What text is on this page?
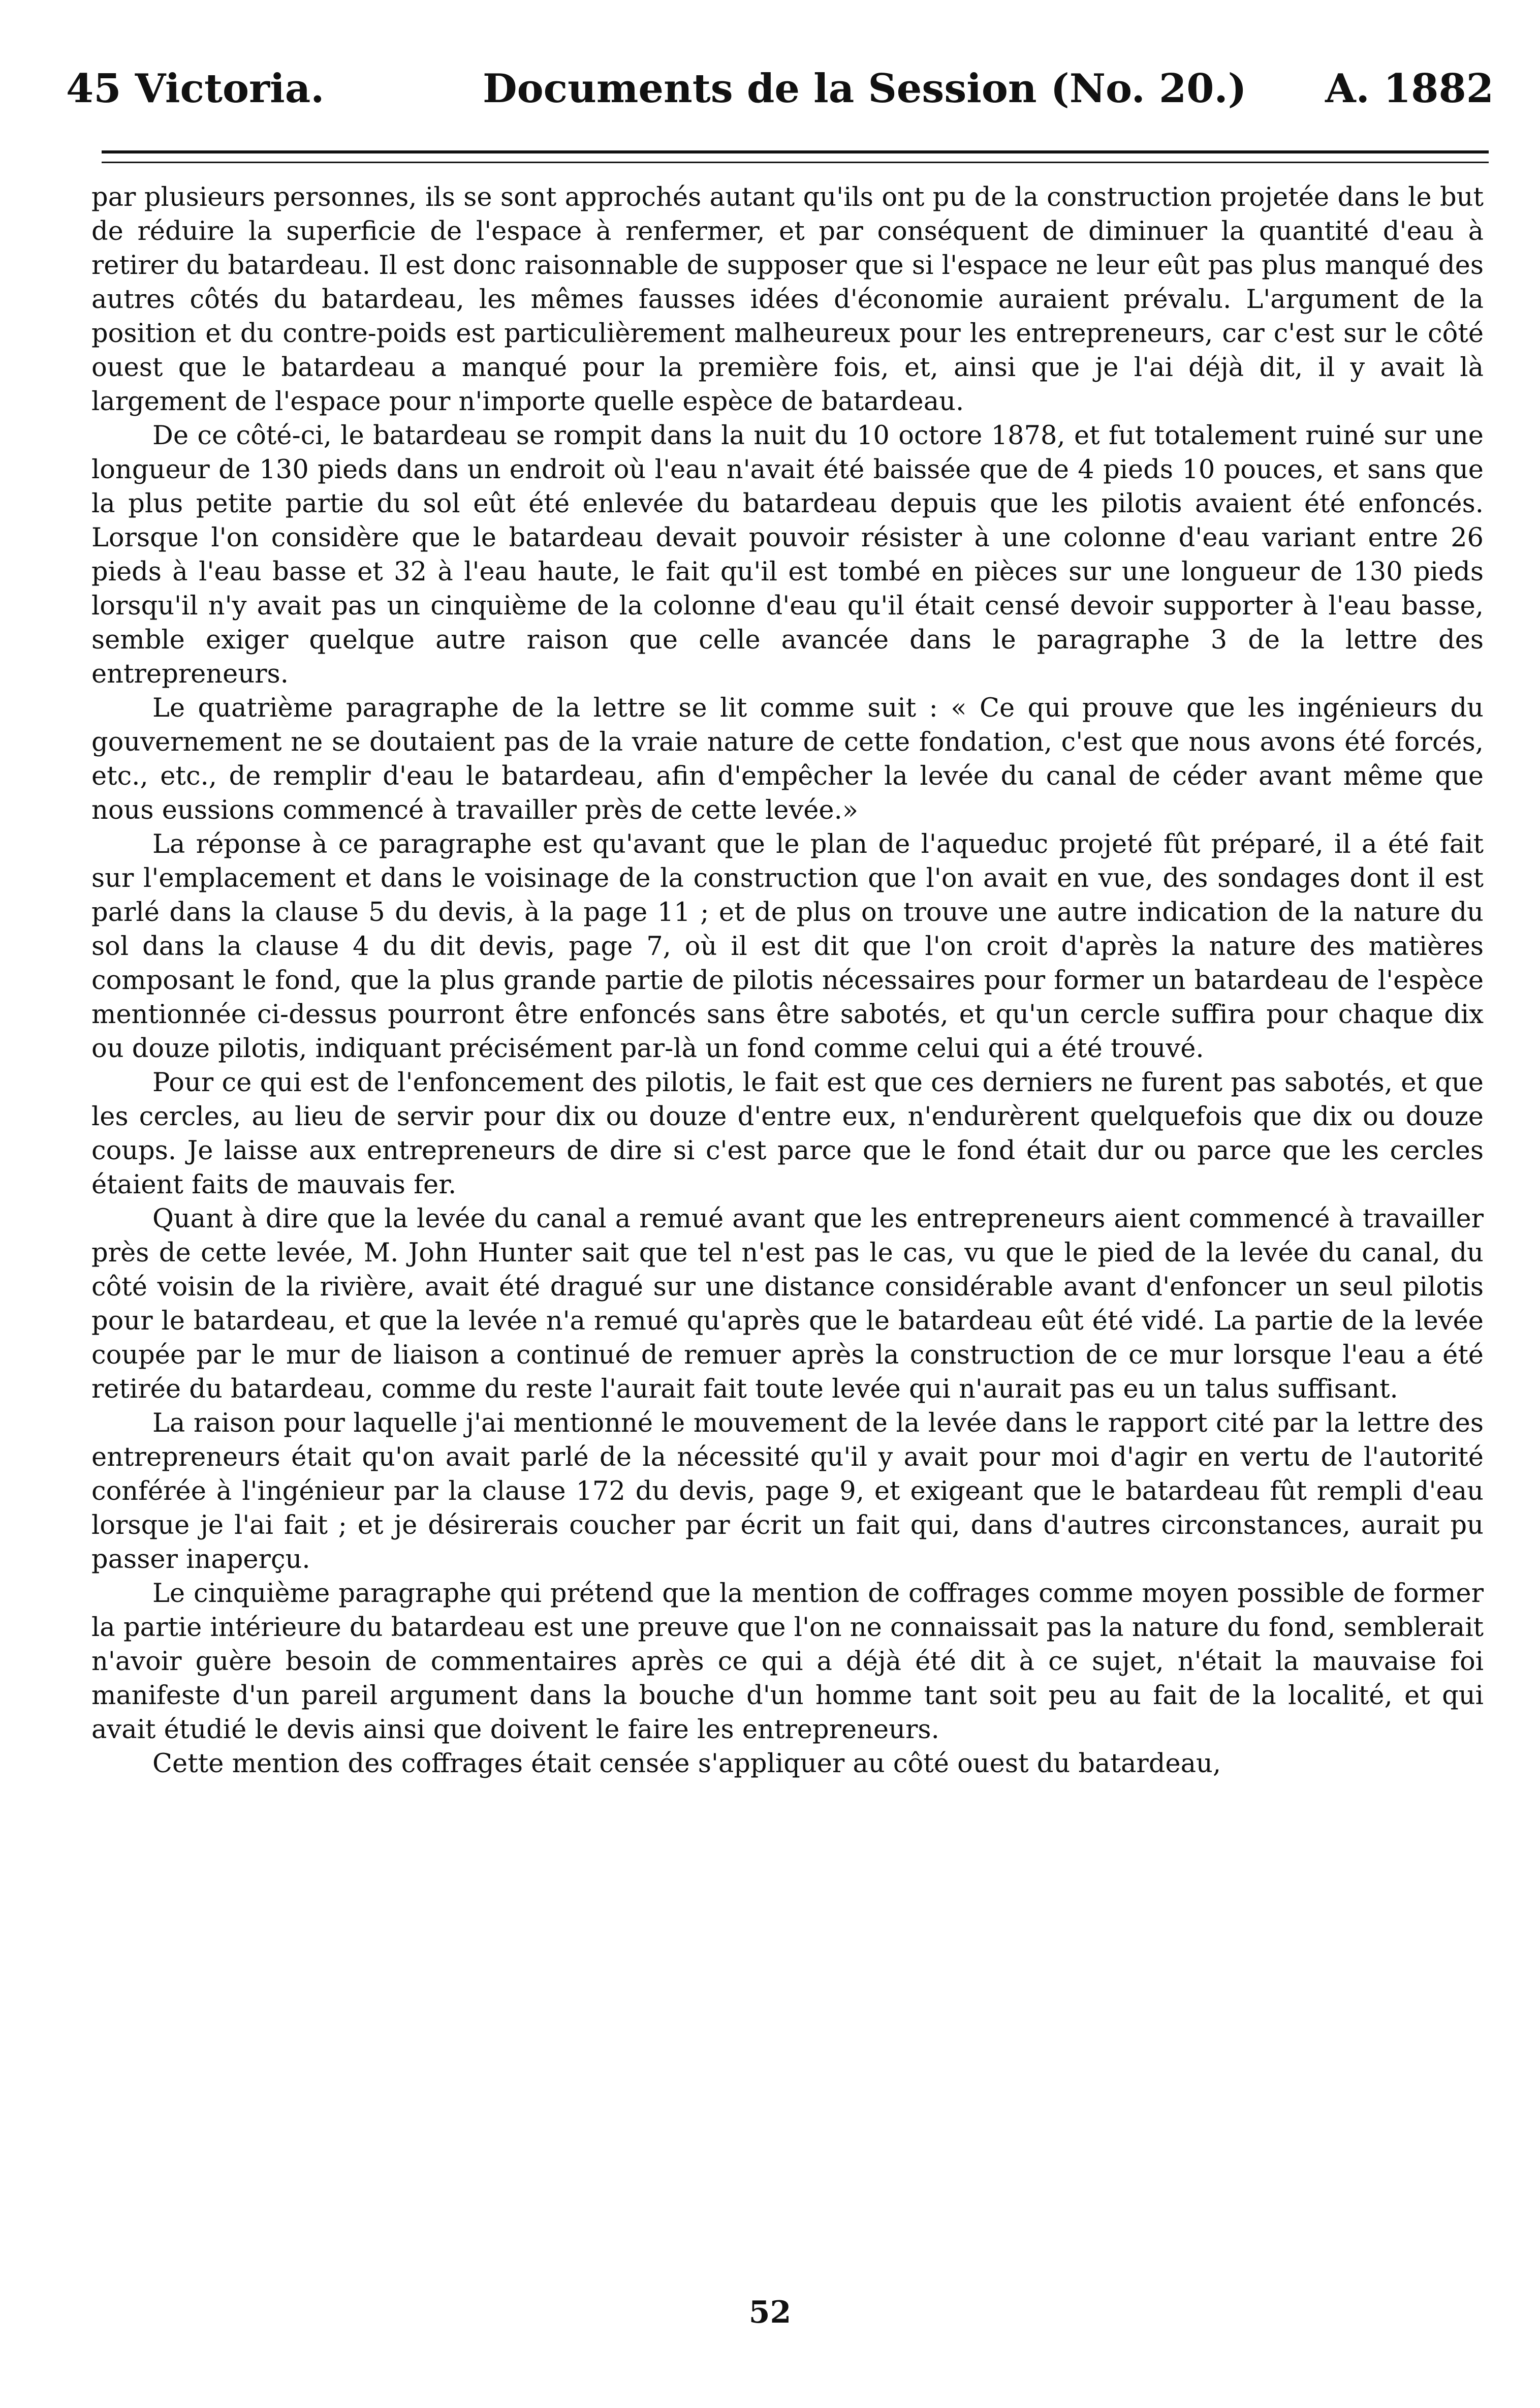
45 Victoria.	Documents de la Session (No. 20.) A. 1882

par plusieurs personnes, ils se sont approchés autant qu'ils ont pu de la construction projetée dans le but de réduire la superficie de l'espace à renfermer, et par conséquent de diminuer la quantité d'eau à retirer du batardeau. Il est donc raisonnable de supposer que si l'espace ne leur eût pas plus manqué des autres côtés du batardeau, les mêmes fausses idées d'économie auraient prévalu. L'argument de la position et du contre-poids est particulièrement malheureux pour les entrepreneurs, car c'est sur le côté ouest que le batardeau a manqué pour la première fois, et, ainsi que je l'ai déjà dit, il y avait là largement de l'espace pour n'importe quelle espèce de batardeau.

De ce côté-ci, le batardeau se rompit dans la nuit du 10 octore 1878, et fut totalement ruiné sur une longueur de 130 pieds dans un endroit où l'eau n'avait été baissée que de 4 pieds 10 pouces, et sans que la plus petite partie du sol eût été enlevée du batardeau depuis que les pilotis avaient été enfoncés. Lorsque l'on considère que le batardeau devait pouvoir résister à une colonne d'eau variant entre 26 pieds à l'eau basse et 32 à l'eau haute, le fait qu'il est tombé en pièces sur une longueur de 130 pieds lorsqu'il n'y avait pas un cinquième de la colonne d'eau qu'il était censé devoir supporter à l'eau basse, semble exiger quelque autre raison que celle avancée dans le paragraphe 3 de la lettre des entrepreneurs.

Le quatrième paragraphe de la lettre se lit comme suit : « Ce qui prouve que les ingénieurs du gouvernement ne se doutaient pas de la vraie nature de cette fondation, c'est que nous avons été forcés, etc., etc., de remplir d'eau le batardeau, afin d'empêcher la levée du canal de céder avant même que nous eussions commencé à travailler près de cette levée.»

La réponse à ce paragraphe est qu'avant que le plan de l'aqueduc projeté fût préparé, il a été fait sur l'emplacement et dans le voisinage de la construction que l'on avait en vue, des sondages dont il est parlé dans la clause 5 du devis, à la page 11 ; et de plus on trouve une autre indication de la nature du sol dans la clause 4 du dit devis, page 7, où il est dit que l'on croit d'après la nature des matières composant le fond, que la plus grande partie de pilotis nécessaires pour former un batardeau de l'espèce mentionnée ci-dessus pourront être enfoncés sans être sabotés, et qu'un cercle suffira pour chaque dix ou douze pilotis, indiquant précisément par-là un fond comme celui qui a été trouvé.

Pour ce qui est de l'enfoncement des pilotis, le fait est que ces derniers ne furent pas sabotés, et que les cercles, au lieu de servir pour dix ou douze d'entre eux, n'endurèrent quelquefois que dix ou douze coups. Je laisse aux entrepreneurs de dire si c'est parce que le fond était dur ou parce que les cercles étaient faits de mauvais fer.

Quant à dire que la levée du canal a remué avant que les entrepreneurs aient commencé à travailler près de cette levée, M. John Hunter sait que tel n'est pas le cas, vu que le pied de la levée du canal, du côté voisin de la rivière, avait été dragué sur une distance considérable avant d'enfoncer un seul pilotis pour le batardeau, et que la levée n'a remué qu'après que le batardeau eût été vidé. La partie de la levée coupée par le mur de liaison a continué de remuer après la construction de ce mur lorsque l'eau a été retirée du batardeau, comme du reste l'aurait fait toute levée qui n'aurait pas eu un talus suffisant.

La raison pour laquelle j'ai mentionné le mouvement de la levée dans le rapport cité par la lettre des entrepreneurs était qu'on avait parlé de la nécessité qu'il y avait pour moi d'agir en vertu de l'autorité conférée à l'ingénieur par la clause 172 du devis, page 9, et exigeant que le batardeau fût rempli d'eau lorsque je l'ai fait ; et je désirerais coucher par écrit un fait qui, dans d'autres circonstances, aurait pu passer inaperçu.

Le cinquième paragraphe qui prétend que la mention de coffrages comme moyen possible de former la partie intérieure du batardeau est une preuve que l'on ne connaissait pas la nature du fond, semblerait n'avoir guère besoin de commentaires après ce qui a déjà été dit à ce sujet, n'était la mauvaise foi manifeste d'un pareil argument dans la bouche d'un homme tant soit peu au fait de la localité, et qui avait étudié le devis ainsi que doivent le faire les entrepreneurs.

Cette mention des coffrages était censée s'appliquer au côté ouest du batardeau,

52
